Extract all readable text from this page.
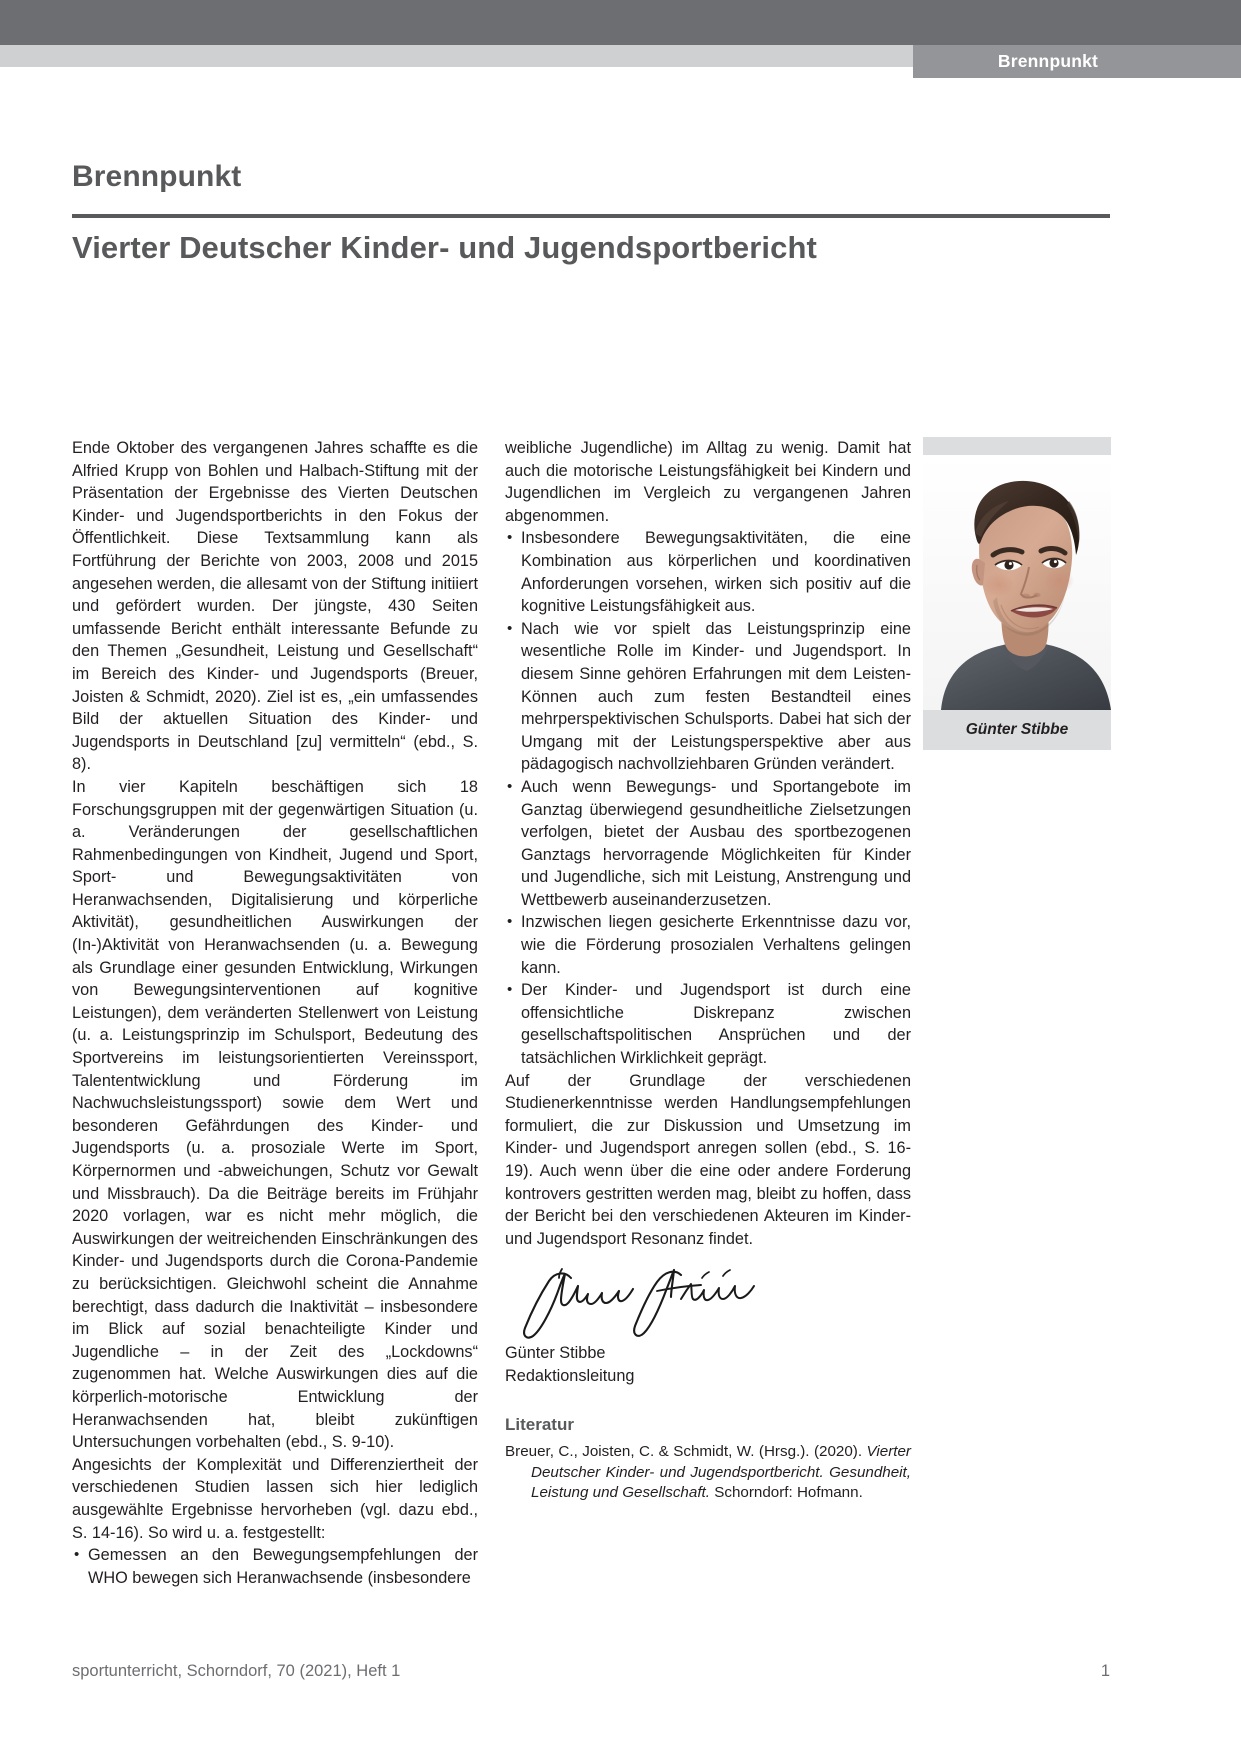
Brennpunkt
Brennpunkt
Vierter Deutscher Kinder- und Jugendsportbericht

Ende Oktober des vergangenen Jahres schaffte es die Alfried Krupp von Bohlen und Halbach-Stiftung mit der Präsentation der Ergebnisse des Vierten Deutschen Kinder- und Jugendsportberichts in den Fokus der Öffentlichkeit. Diese Textsammlung kann als Fortführung der Berichte von 2003, 2008 und 2015 angesehen werden, die allesamt von der Stiftung initiiert und gefördert wurden. Der jüngste, 430 Seiten umfassende Bericht enthält interessante Befunde zu den Themen „Gesundheit, Leistung und Gesellschaft“ im Bereich des Kinder- und Jugendsports (Breuer, Joisten & Schmidt, 2020). Ziel ist es, „ein umfassendes Bild der aktuellen Situation des Kinder- und Jugendsports in Deutschland [zu] vermitteln“ (ebd., S. 8).

In vier Kapiteln beschäftigen sich 18 Forschungsgruppen mit der gegenwärtigen Situation (u. a. Veränderungen der gesellschaftlichen Rahmenbedingungen von Kindheit, Jugend und Sport, Sport- und Bewegungsaktivitäten von Heranwachsenden, Digitalisierung und körperliche Aktivität), gesundheitlichen Auswirkungen der (In-)Aktivität von Heranwachsenden (u. a. Bewegung als Grundlage einer gesunden Entwicklung, Wirkungen von Bewegungsinterventionen auf kognitive Leistungen), dem veränderten Stellenwert von Leistung (u. a. Leistungsprinzip im Schulsport, Bedeutung des Sportvereins im leistungsorientierten Vereinssport, Talententwicklung und Förderung im Nachwuchsleistungssport) sowie dem Wert und besonderen Gefährdungen des Kinder- und Jugendsports (u. a. prosoziale Werte im Sport, Körpernormen und -abweichungen, Schutz vor Gewalt und Missbrauch). Da die Beiträge bereits im Frühjahr 2020 vorlagen, war es nicht mehr möglich, die Auswirkungen der weitreichenden Einschränkungen des Kinder- und Jugendsports durch die Corona-Pandemie zu berücksichtigen. Gleichwohl scheint die Annahme berechtigt, dass dadurch die Inaktivität – insbesondere im Blick auf sozial benachteiligte Kinder und Jugendliche – in der Zeit des „Lockdowns“ zugenommen hat. Welche Auswirkungen dies auf die körperlich-motorische Entwicklung der Heranwachsenden hat, bleibt zukünftigen Untersuchungen vorbehalten (ebd., S. 9-10).

Angesichts der Komplexität und Differenziertheit der verschiedenen Studien lassen sich hier lediglich ausgewählte Ergebnisse hervorheben (vgl. dazu ebd., S. 14-16). So wird u. a. festgestellt:

• Gemessen an den Bewegungsempfehlungen der WHO bewegen sich Heranwachsende (insbesondere

weibliche Jugendliche) im Alltag zu wenig. Damit hat auch die motorische Leistungsfähigkeit bei Kindern und Jugendlichen im Vergleich zu vergangenen Jahren abgenommen.

• Insbesondere Bewegungsaktivitäten, die eine Kombination aus körperlichen und koordinativen Anforderungen vorsehen, wirken sich positiv auf die kognitive Leistungsfähigkeit aus.
• Nach wie vor spielt das Leistungsprinzip eine wesentliche Rolle im Kinder- und Jugendsport. In diesem Sinne gehören Erfahrungen mit dem Leisten-Können auch zum festen Bestandteil eines mehrperspektivischen Schulsports. Dabei hat sich der Umgang mit der Leistungsperspektive aber aus pädagogisch nachvollziehbaren Gründen verändert.
• Auch wenn Bewegungs- und Sportangebote im Ganztag überwiegend gesundheitliche Zielsetzungen verfolgen, bietet der Ausbau des sportbezogenen Ganztags hervorragende Möglichkeiten für Kinder und Jugendliche, sich mit Leistung, Anstrengung und Wettbewerb auseinanderzusetzen.
• Inzwischen liegen gesicherte Erkenntnisse dazu vor, wie die Förderung prosozialen Verhaltens gelingen kann.
• Der Kinder- und Jugendsport ist durch eine offensichtliche Diskrepanz zwischen gesellschaftspolitischen Ansprüchen und der tatsächlichen Wirklichkeit geprägt.

Auf der Grundlage der verschiedenen Studienerkenntnisse werden Handlungsempfehlungen formuliert, die zur Diskussion und Umsetzung im Kinder- und Jugendsport anregen sollen (ebd., S. 16-19). Auch wenn über die eine oder andere Forderung kontrovers gestritten werden mag, bleibt zu hoffen, dass der Bericht bei den verschiedenen Akteuren im Kinder- und Jugendsport Resonanz findet.

Günter Stibbe

Redaktionsleitung

Literatur
Breuer, C., Joisten, C. & Schmidt, W. (Hrsg.). (2020). Vierter Deutscher Kinder- und Jugendsportbericht. Gesundheit, Leistung und Gesellschaft. Schorndorf: Hofmann.
Günter Stibbe
sportunterricht, Schorndorf, 70 (2021), Heft 1	1
